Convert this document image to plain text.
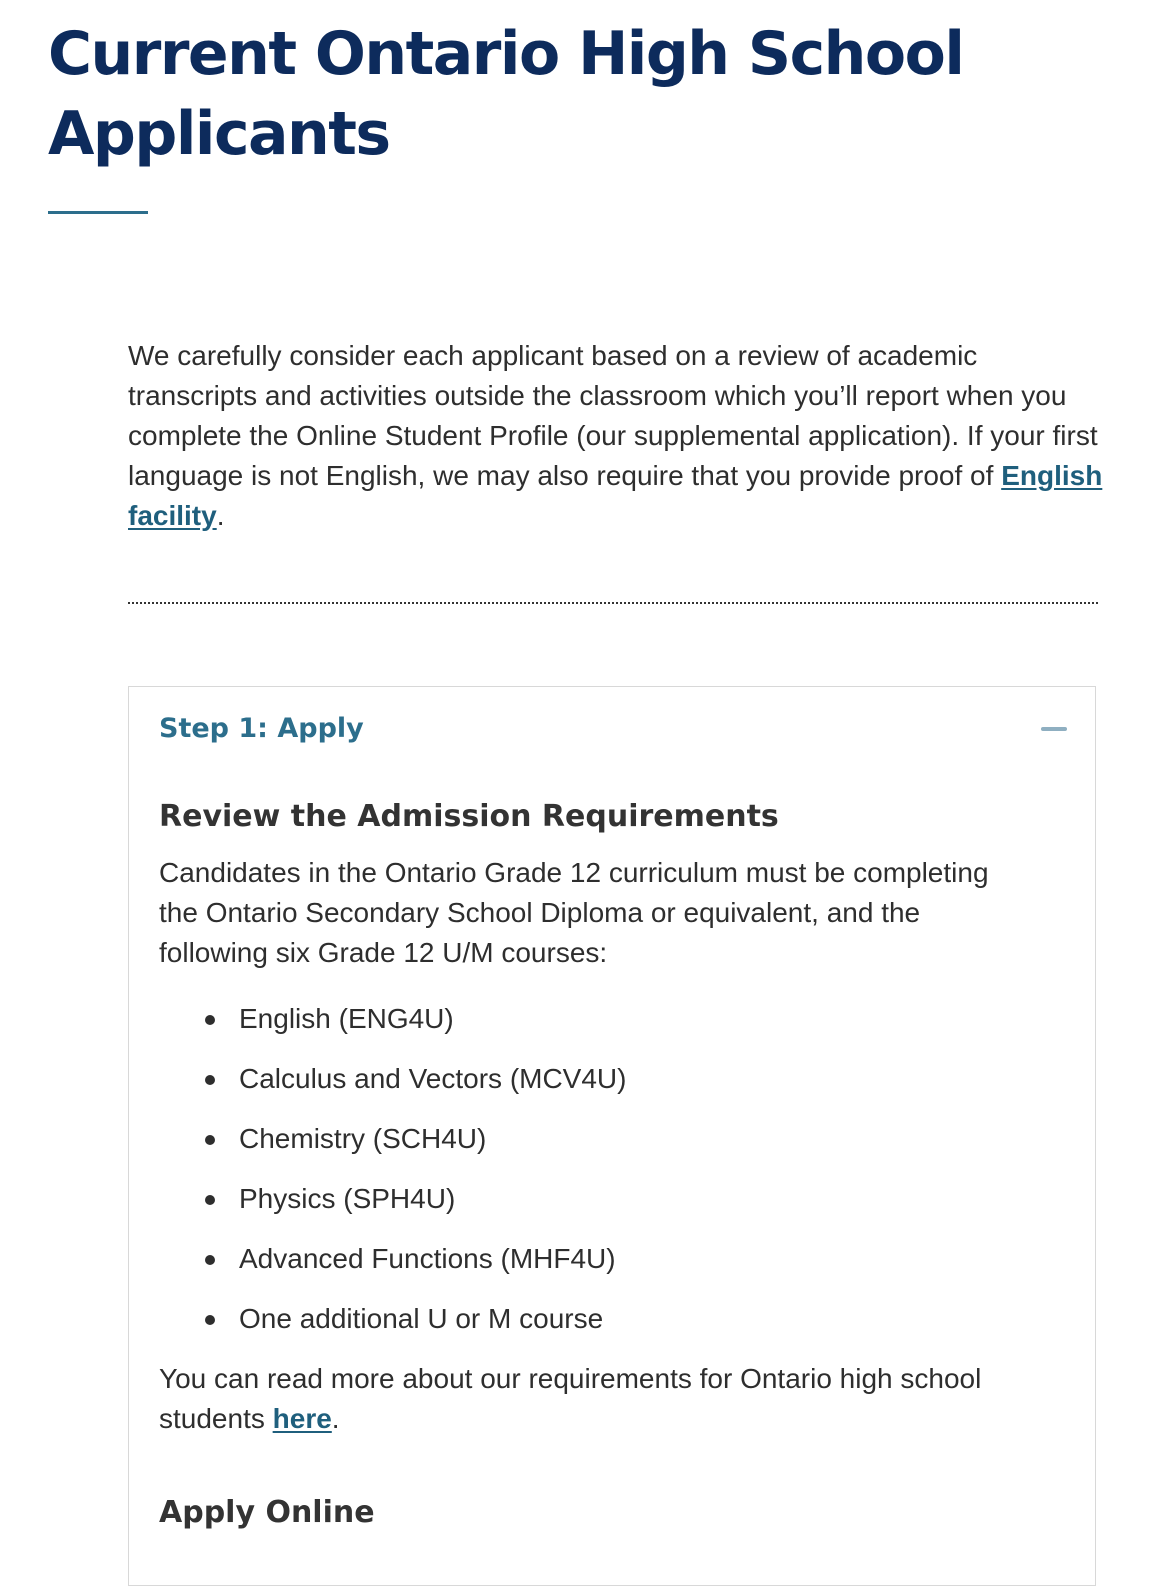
Current Ontario High School Applicants

We carefully consider each applicant based on a review of academic transcripts and activities outside the classroom which you’ll report when you complete the Online Student Profile (our supplemental application). If your first language is not English, we may also require that you provide proof of English facility.

Step 1: Apply
Review the Admission Requirements

Candidates in the Ontario Grade 12 curriculum must be completing the Ontario Secondary School Diploma or equivalent, and the following six Grade 12 U/M courses:

English (ENG4U)
Calculus and Vectors (MCV4U)
Chemistry (SCH4U)
Physics (SPH4U)
Advanced Functions (MHF4U)
One additional U or M course

You can read more about our requirements for Ontario high school students here.

Apply Online
